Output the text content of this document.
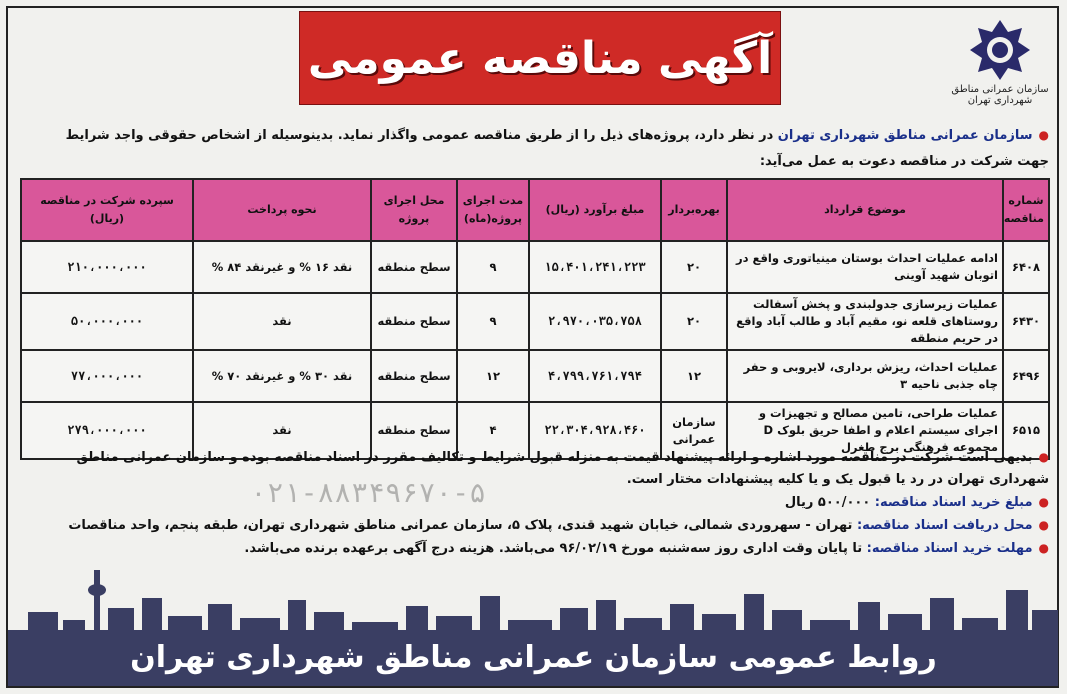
آگهی مناقصه عمومی
سازمان عمرانی مناطق شهرداری تهران
●سازمان عمرانی مناطق شهرداری تهران در نظر دارد، پروژه‌های ذیل را از طریق مناقصه عمومی واگذار نماید. بدینوسیله از اشخاص حقوقی واجد شرایط
جهت شرکت در مناقصه دعوت به عمل می‌آید:
شماره مناقصه	موضوع قرارداد	بهره‌بردار	مبلغ برآورد (ریال)	مدت اجرای پروژه(ماه)	محل اجرای پروژه	نحوه پرداخت	سپرده شرکت در مناقصه (ریال)
۶۴۰۸	ادامه عملیات احداث بوستان مینیاتوری واقع در اتوبان شهید آوینی	۲۰	۱۵،۴۰۱،۲۴۱،۲۲۳	۹	سطح منطقه	نقد ۱۶ % و غیرنقد ۸۴ %	۲۱۰،۰۰۰،۰۰۰
۶۴۳۰	عملیات زیرسازی جدولبندی و پخش آسفالت روستاهای قلعه نو، مقیم آباد و طالب آباد واقع در حریم منطقه	۲۰	۲،۹۷۰،۰۳۵،۷۵۸	۹	سطح منطقه	نقد	۵۰،۰۰۰،۰۰۰
۶۴۹۶	عملیات احداث، ریزش برداری، لایروبی و حفر چاه جذبی ناحیه ۳	۱۲	۴،۷۹۹،۷۶۱،۷۹۴	۱۲	سطح منطقه	نقد ۳۰ % و غیرنقد ۷۰ %	۷۷،۰۰۰،۰۰۰
۶۵۱۵	عملیات طراحی، تامین مصالح و تجهیزات و اجرای سیستم اعلام و اطفا حریق بلوک D مجموعه فرهنگی برج طغرل	سازمان عمرانی	۲۲،۳۰۴،۹۲۸،۴۶۰	۴	سطح منطقه	نقد	۲۷۹،۰۰۰،۰۰۰
۰۲۱-۸۸۳۴۹۶۷۰-۵

●بدیهی است شرکت در مناقصه مورد اشاره و ارائه پیشنهاد قیمت به منزله قبول شرایط و تکالیف مقرر در اسناد مناقصه بوده و سازمان عمرانی مناطق شهرداری تهران در رد یا قبول یک و یا کلیه پیشنهادات مختار است.

●مبلغ خرید اسناد مناقصه: ۵۰۰/۰۰۰ ریال

●محل دریافت اسناد مناقصه: تهران - سهروردی شمالی، خیابان شهید قندی، پلاک ۵، سازمان عمرانی مناطق شهرداری تهران، طبقه پنجم، واحد مناقصات

●مهلت خرید اسناد مناقصه: تا پایان وقت اداری روز سه‌شنبه مورخ ۹۶/۰۲/۱۹ می‌باشد. هزینه درج آگهی برعهده برنده می‌باشد.

روابط عمومی سازمان عمرانی مناطق شهرداری تهران
